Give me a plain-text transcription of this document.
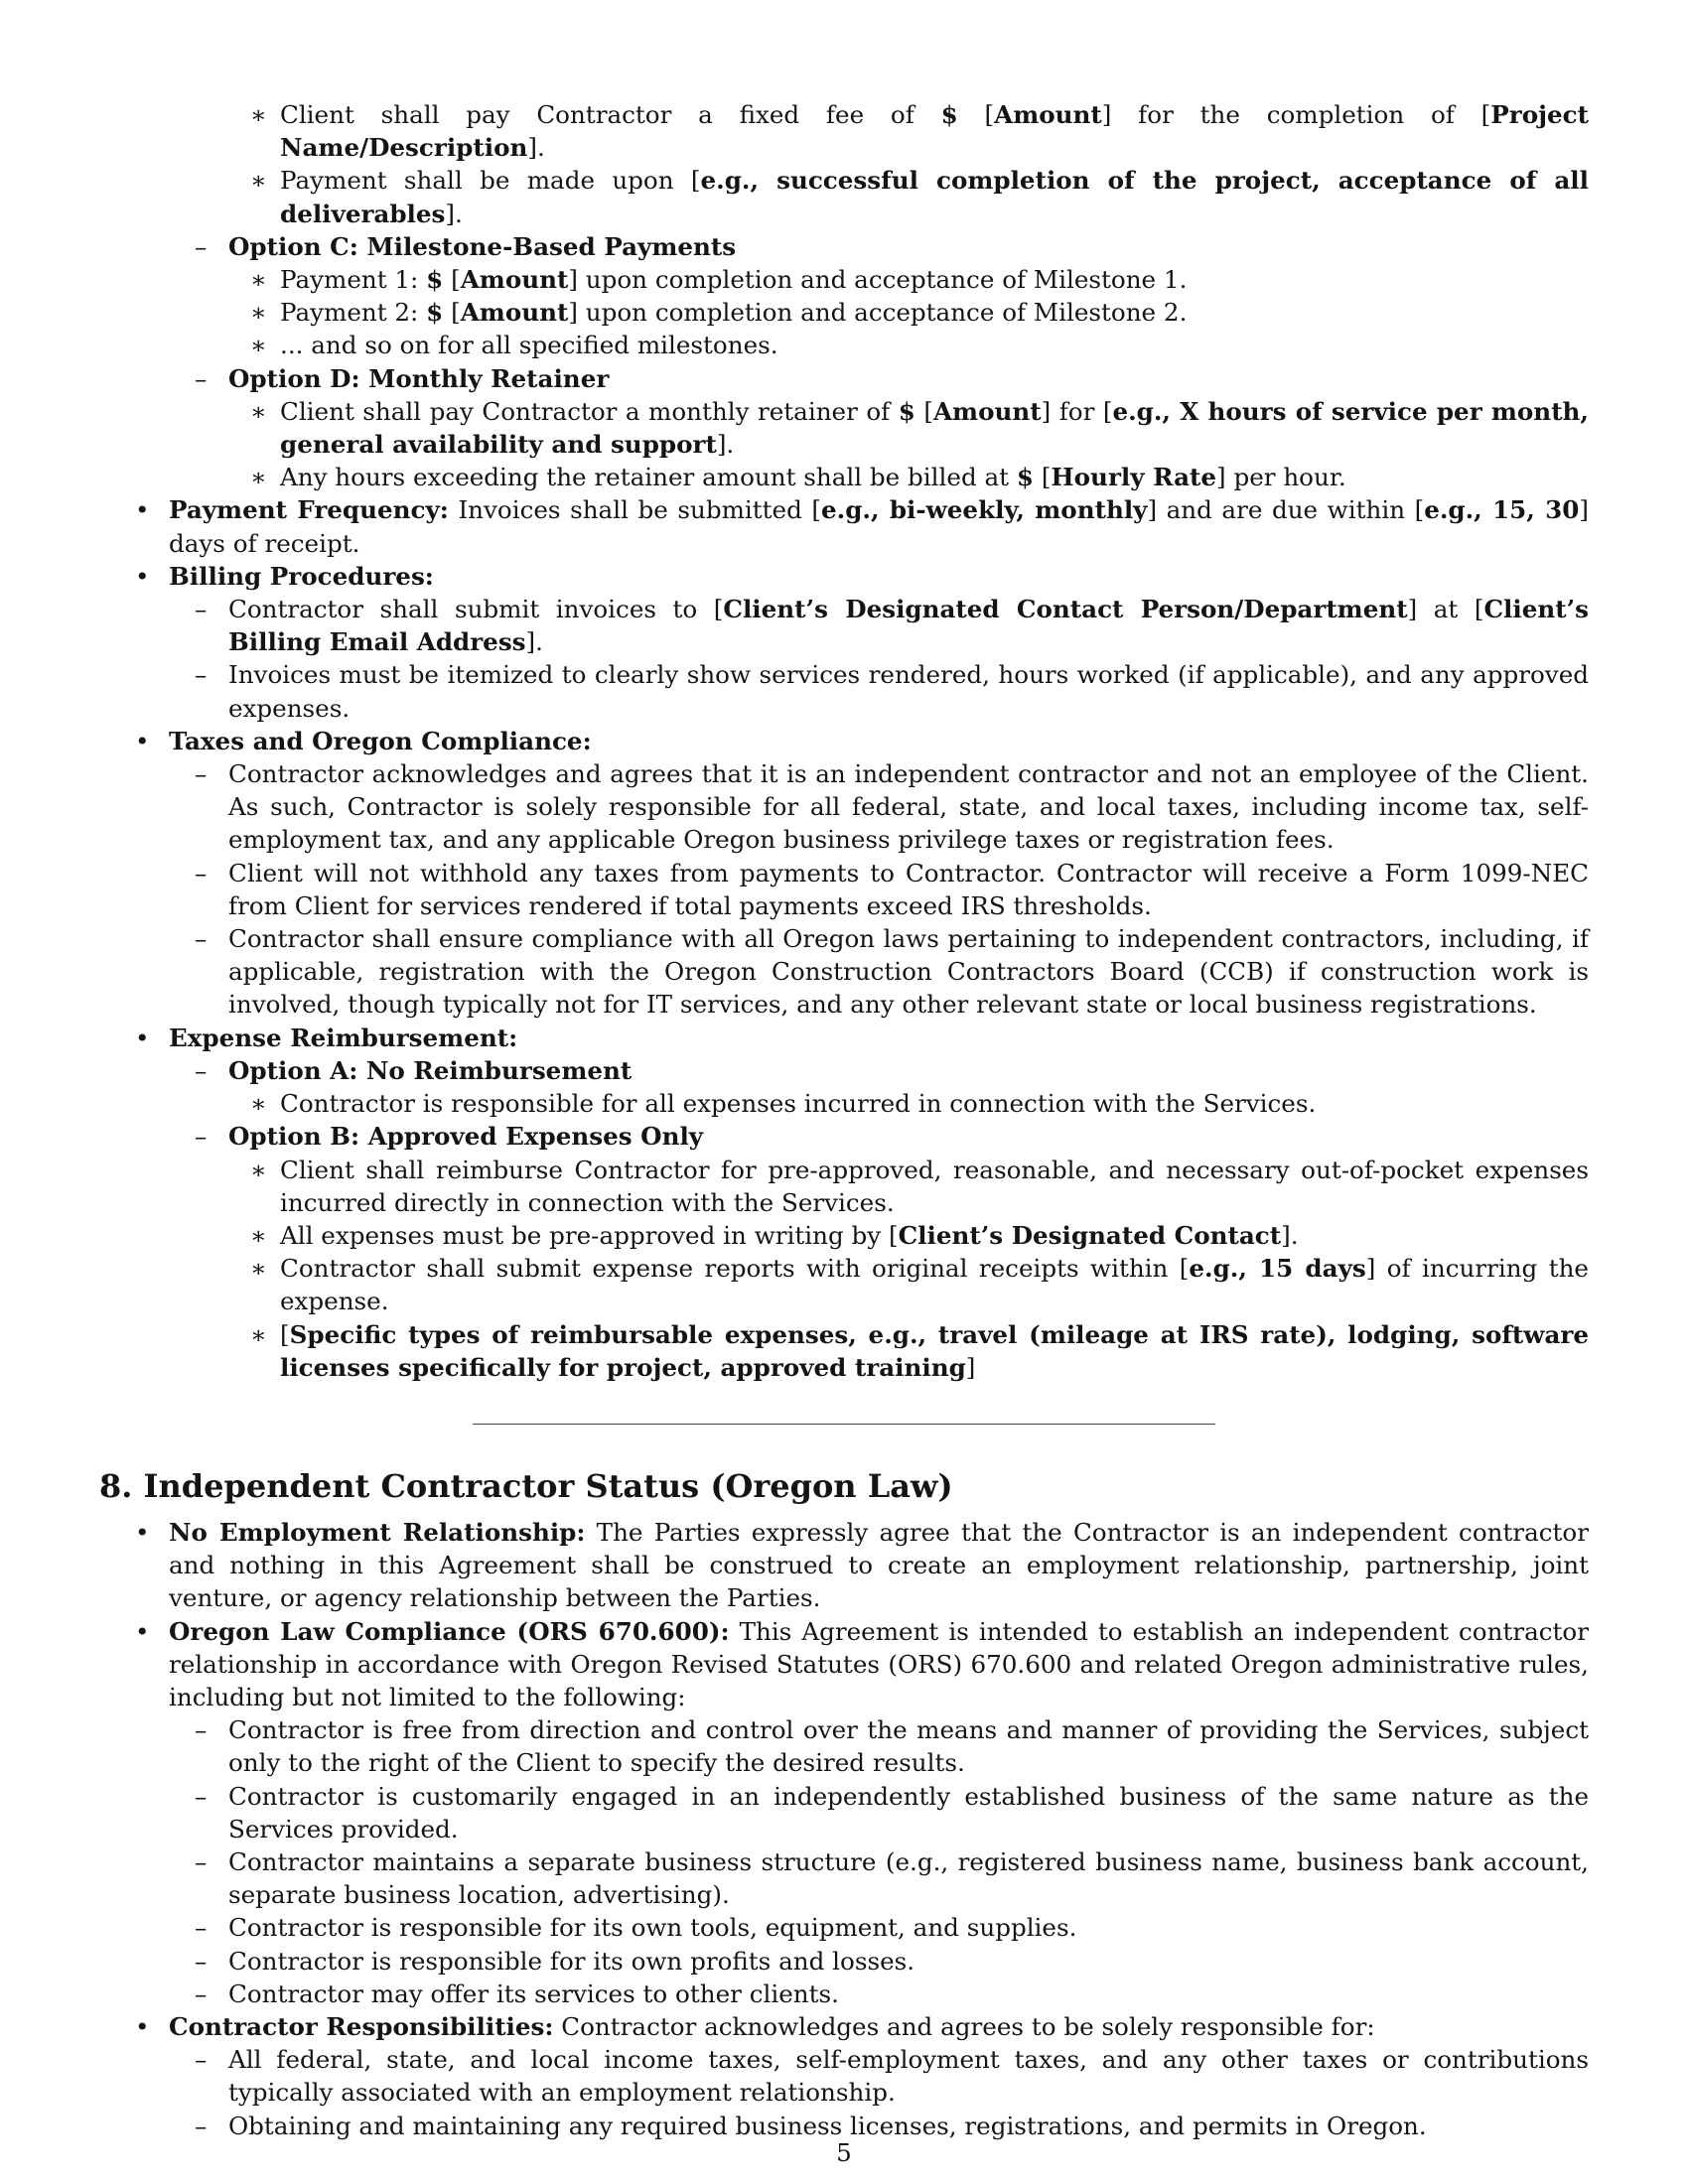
∗ Client shall pay Contractor a fixed fee of $ [Amount] for the completion of [Project Name/Description].
∗ Payment shall be made upon [e.g., successful completion of the project, acceptance of all deliverables].
– Option C: Milestone-Based Payments
∗ Payment 1: $ [Amount] upon completion and acceptance of Milestone 1.
∗ Payment 2: $ [Amount] upon completion and acceptance of Milestone 2.
∗ ... and so on for all specified milestones.
– Option D: Monthly Retainer
∗ Client shall pay Contractor a monthly retainer of $ [Amount] for [e.g., X hours of service per month, general availability and support].
∗ Any hours exceeding the retainer amount shall be billed at $ [Hourly Rate] per hour.
• Payment Frequency: Invoices shall be submitted [e.g., bi-weekly, monthly] and are due within [e.g., 15, 30] days of receipt.
• Billing Procedures:
– Contractor shall submit invoices to [Client’s Designated Contact Person/Department] at [Client’s Billing Email Address].
– Invoices must be itemized to clearly show services rendered, hours worked (if applicable), and any approved expenses.
• Taxes and Oregon Compliance:
– Contractor acknowledges and agrees that it is an independent contractor and not an employee of the Client. As such, Contractor is solely responsible for all federal, state, and local taxes, including income tax, self-employment tax, and any applicable Oregon business privilege taxes or registration fees.
– Client will not withhold any taxes from payments to Contractor. Contractor will receive a Form 1099-NEC from Client for services rendered if total payments exceed IRS thresholds.
– Contractor shall ensure compliance with all Oregon laws pertaining to independent contractors, including, if applicable, registration with the Oregon Construction Contractors Board (CCB) if construction work is involved, though typically not for IT services, and any other relevant state or local business registrations.
• Expense Reimbursement:
– Option A: No Reimbursement
∗ Contractor is responsible for all expenses incurred in connection with the Services.
– Option B: Approved Expenses Only
∗ Client shall reimburse Contractor for pre-approved, reasonable, and necessary out-of-pocket expenses incurred directly in connection with the Services.
∗ All expenses must be pre-approved in writing by [Client’s Designated Contact].
∗ Contractor shall submit expense reports with original receipts within [e.g., 15 days] of incurring the expense.
∗ [Specific types of reimbursable expenses, e.g., travel (mileage at IRS rate), lodging, software licenses specifically for project, approved training]
8. Independent Contractor Status (Oregon Law)
• No Employment Relationship: The Parties expressly agree that the Contractor is an independent contractor and nothing in this Agreement shall be construed to create an employment relationship, partnership, joint venture, or agency relationship between the Parties.
• Oregon Law Compliance (ORS 670.600): This Agreement is intended to establish an independent contractor relationship in accordance with Oregon Revised Statutes (ORS) 670.600 and related Oregon administrative rules, including but not limited to the following:
– Contractor is free from direction and control over the means and manner of providing the Services, subject only to the right of the Client to specify the desired results.
– Contractor is customarily engaged in an independently established business of the same nature as the Services provided.
– Contractor maintains a separate business structure (e.g., registered business name, business bank account, separate business location, advertising).
– Contractor is responsible for its own tools, equipment, and supplies.
– Contractor is responsible for its own profits and losses.
– Contractor may offer its services to other clients.
• Contractor Responsibilities: Contractor acknowledges and agrees to be solely responsible for:
– All federal, state, and local income taxes, self-employment taxes, and any other taxes or contributions typically associated with an employment relationship.
– Obtaining and maintaining any required business licenses, registrations, and permits in Oregon.
5
